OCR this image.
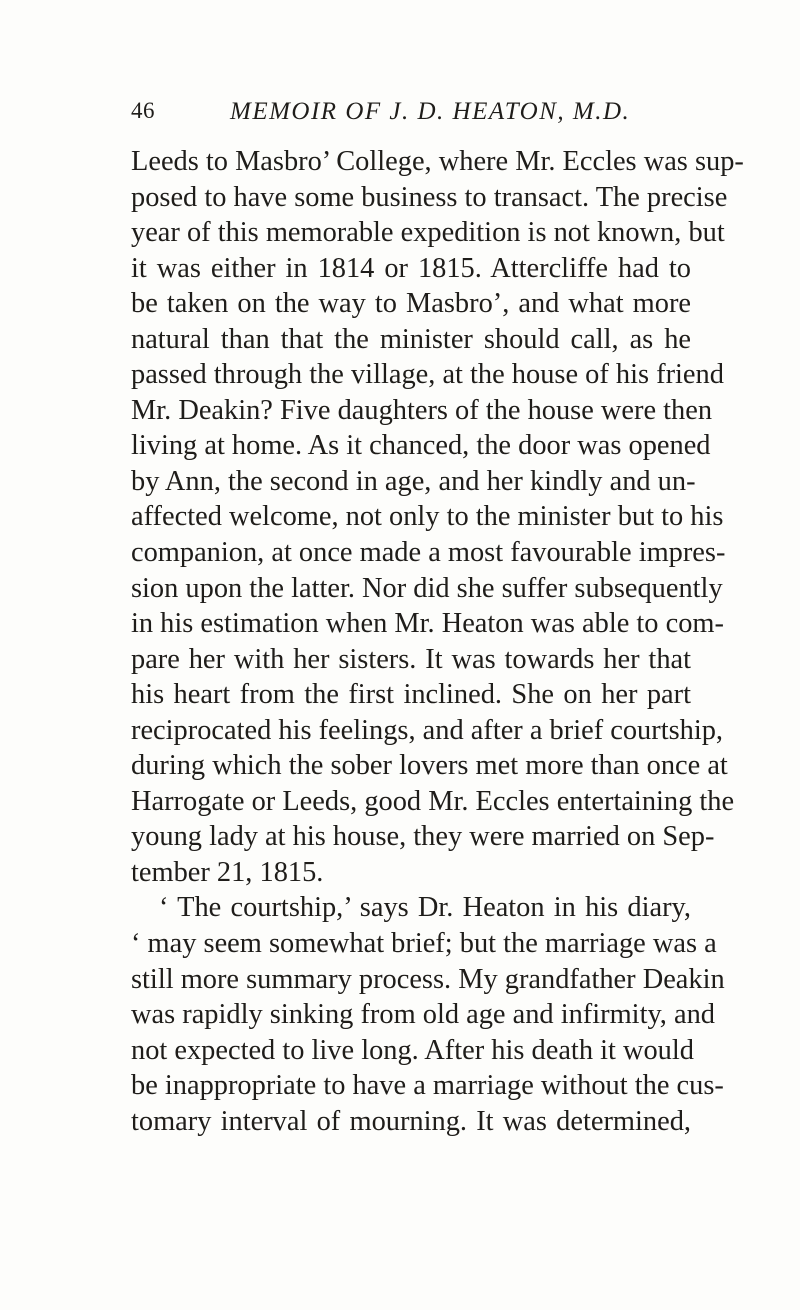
46	MEMOIR OF J. D. HEATON, M.D.
Leeds to Masbro’ College, where Mr. Eccles was sup-
posed to have some business to transact. The precise
year of this memorable expedition is not known, but
it was either in 1814 or 1815. Attercliffe had to
be taken on the way to Masbro’, and what more
natural than that the minister should call, as he
passed through the village, at the house of his friend
Mr. Deakin? Five daughters of the house were then
living at home. As it chanced, the door was opened
by Ann, the second in age, and her kindly and un-
affected welcome, not only to the minister but to his
companion, at once made a most favourable impres-
sion upon the latter. Nor did she suffer subsequently
in his estimation when Mr. Heaton was able to com-
pare her with her sisters. It was towards her that
his heart from the first inclined. She on her part
reciprocated his feelings, and after a brief courtship,
during which the sober lovers met more than once at
Harrogate or Leeds, good Mr. Eccles entertaining the
young lady at his house, they were married on Sep-
tember 21, 1815.
‘ The courtship,’ says Dr. Heaton in his diary,
‘ may seem somewhat brief; but the marriage was a
still more summary process. My grandfather Deakin
was rapidly sinking from old age and infirmity, and
not expected to live long. After his death it would
be inappropriate to have a marriage without the cus-
tomary interval of mourning. It was determined,
